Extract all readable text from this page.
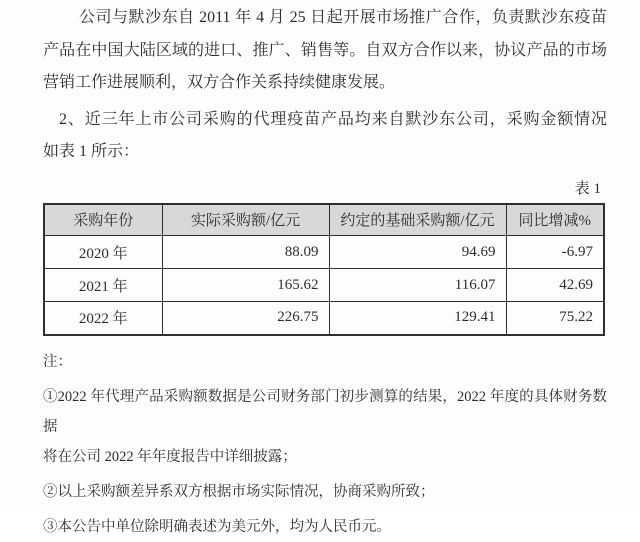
公司与默沙东自 2011 年 4 月 25 日起开展市场推广合作，负责默沙东疫苗
产品在中国大陆区域的进口、推广、销售等。自双方合作以来，协议产品的市场
营销工作进展顺利，双方合作关系持续健康发展。
2、近三年上市公司采购的代理疫苗产品均来自默沙东公司，采购金额情况
如表 1 所示：
表 1
采购年份	实际采购额/亿元	约定的基础采购额/亿元	同比增减%
2020 年	88.09	94.69	-6.97
2021 年	165.62	116.07	42.69
2022 年	226.75	129.41	75.22
注：
①2022 年代理产品采购额数据是公司财务部门初步测算的结果，2022 年度的具体财务数据
将在公司 2022 年年度报告中详细披露；
②以上采购额差异系双方根据市场实际情况，协商采购所致；
③本公告中单位除明确表述为美元外，均为人民币元。
